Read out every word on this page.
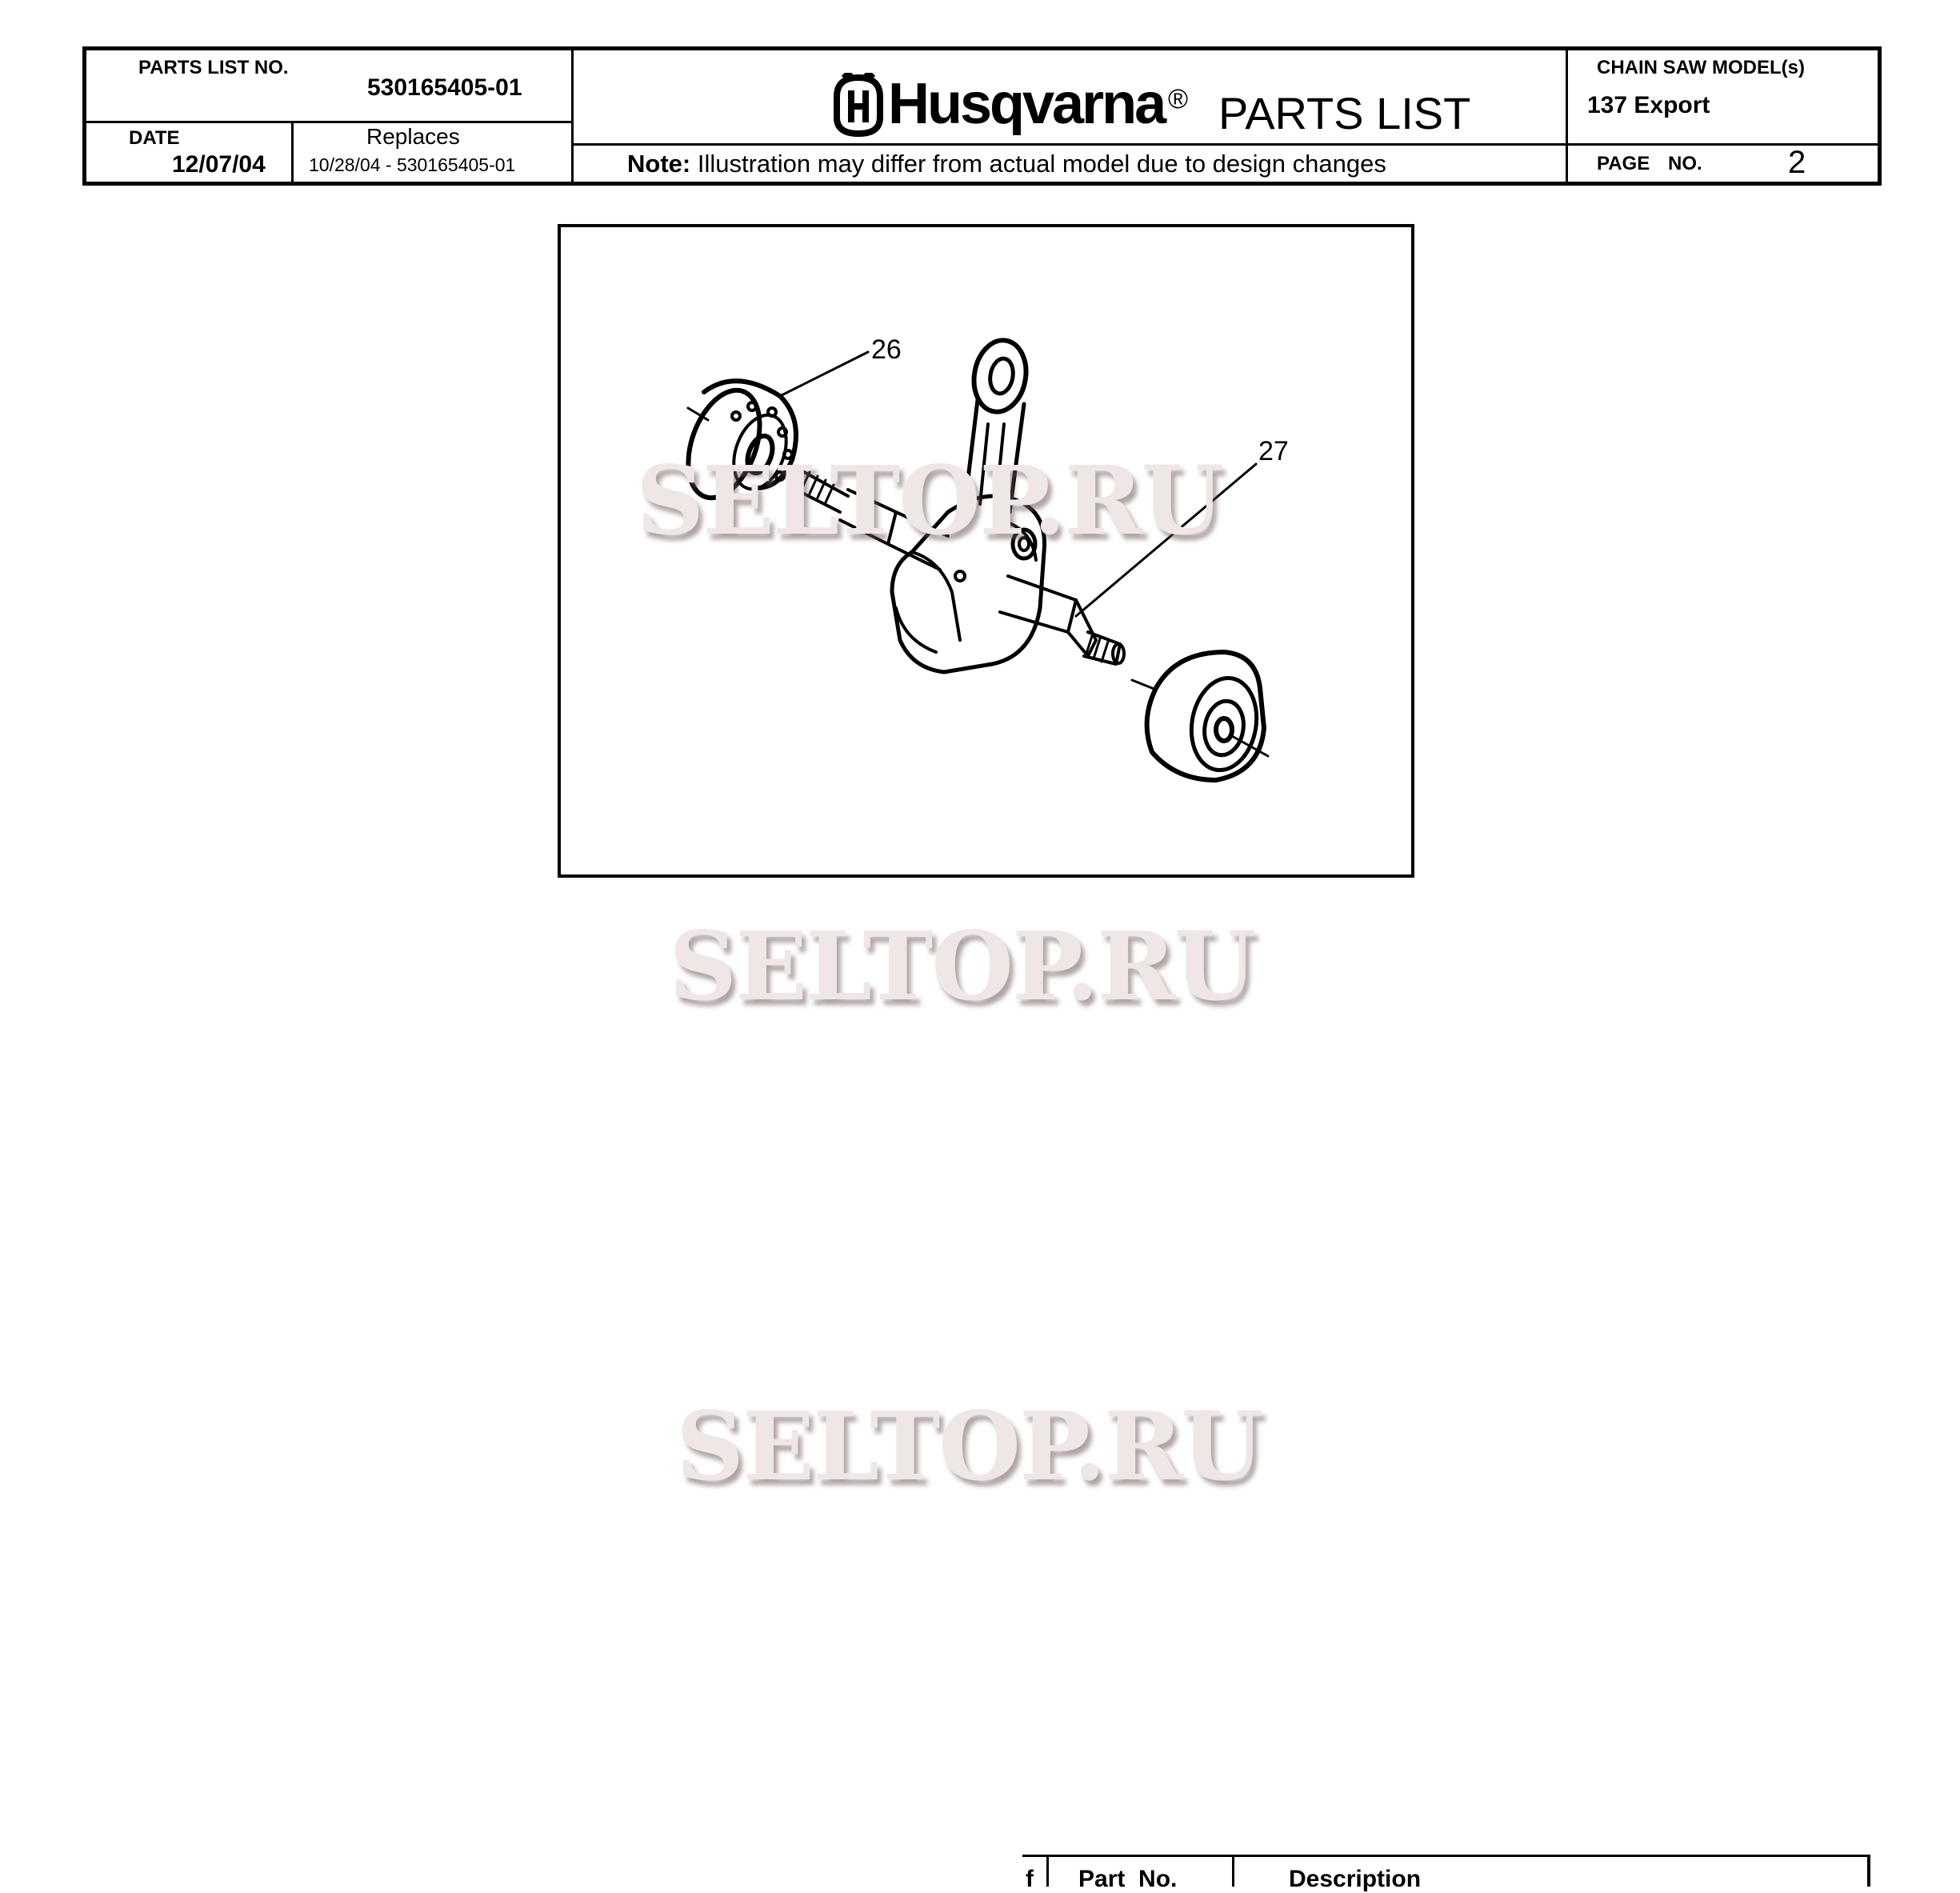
PARTS LIST NO.
530165405-01
DATE
12/07/04
Replaces
10/28/04 - 530165405-01
Husqvarna ® PARTS LIST
Note: Illustration may differ from actual model due to design changes
CHAIN SAW MODEL(s)
137 Export
PAGE NO.	2
26
27
SELTOP.RU
SELTOP.RU
SELTOP.RU
f Part  No.	Description
